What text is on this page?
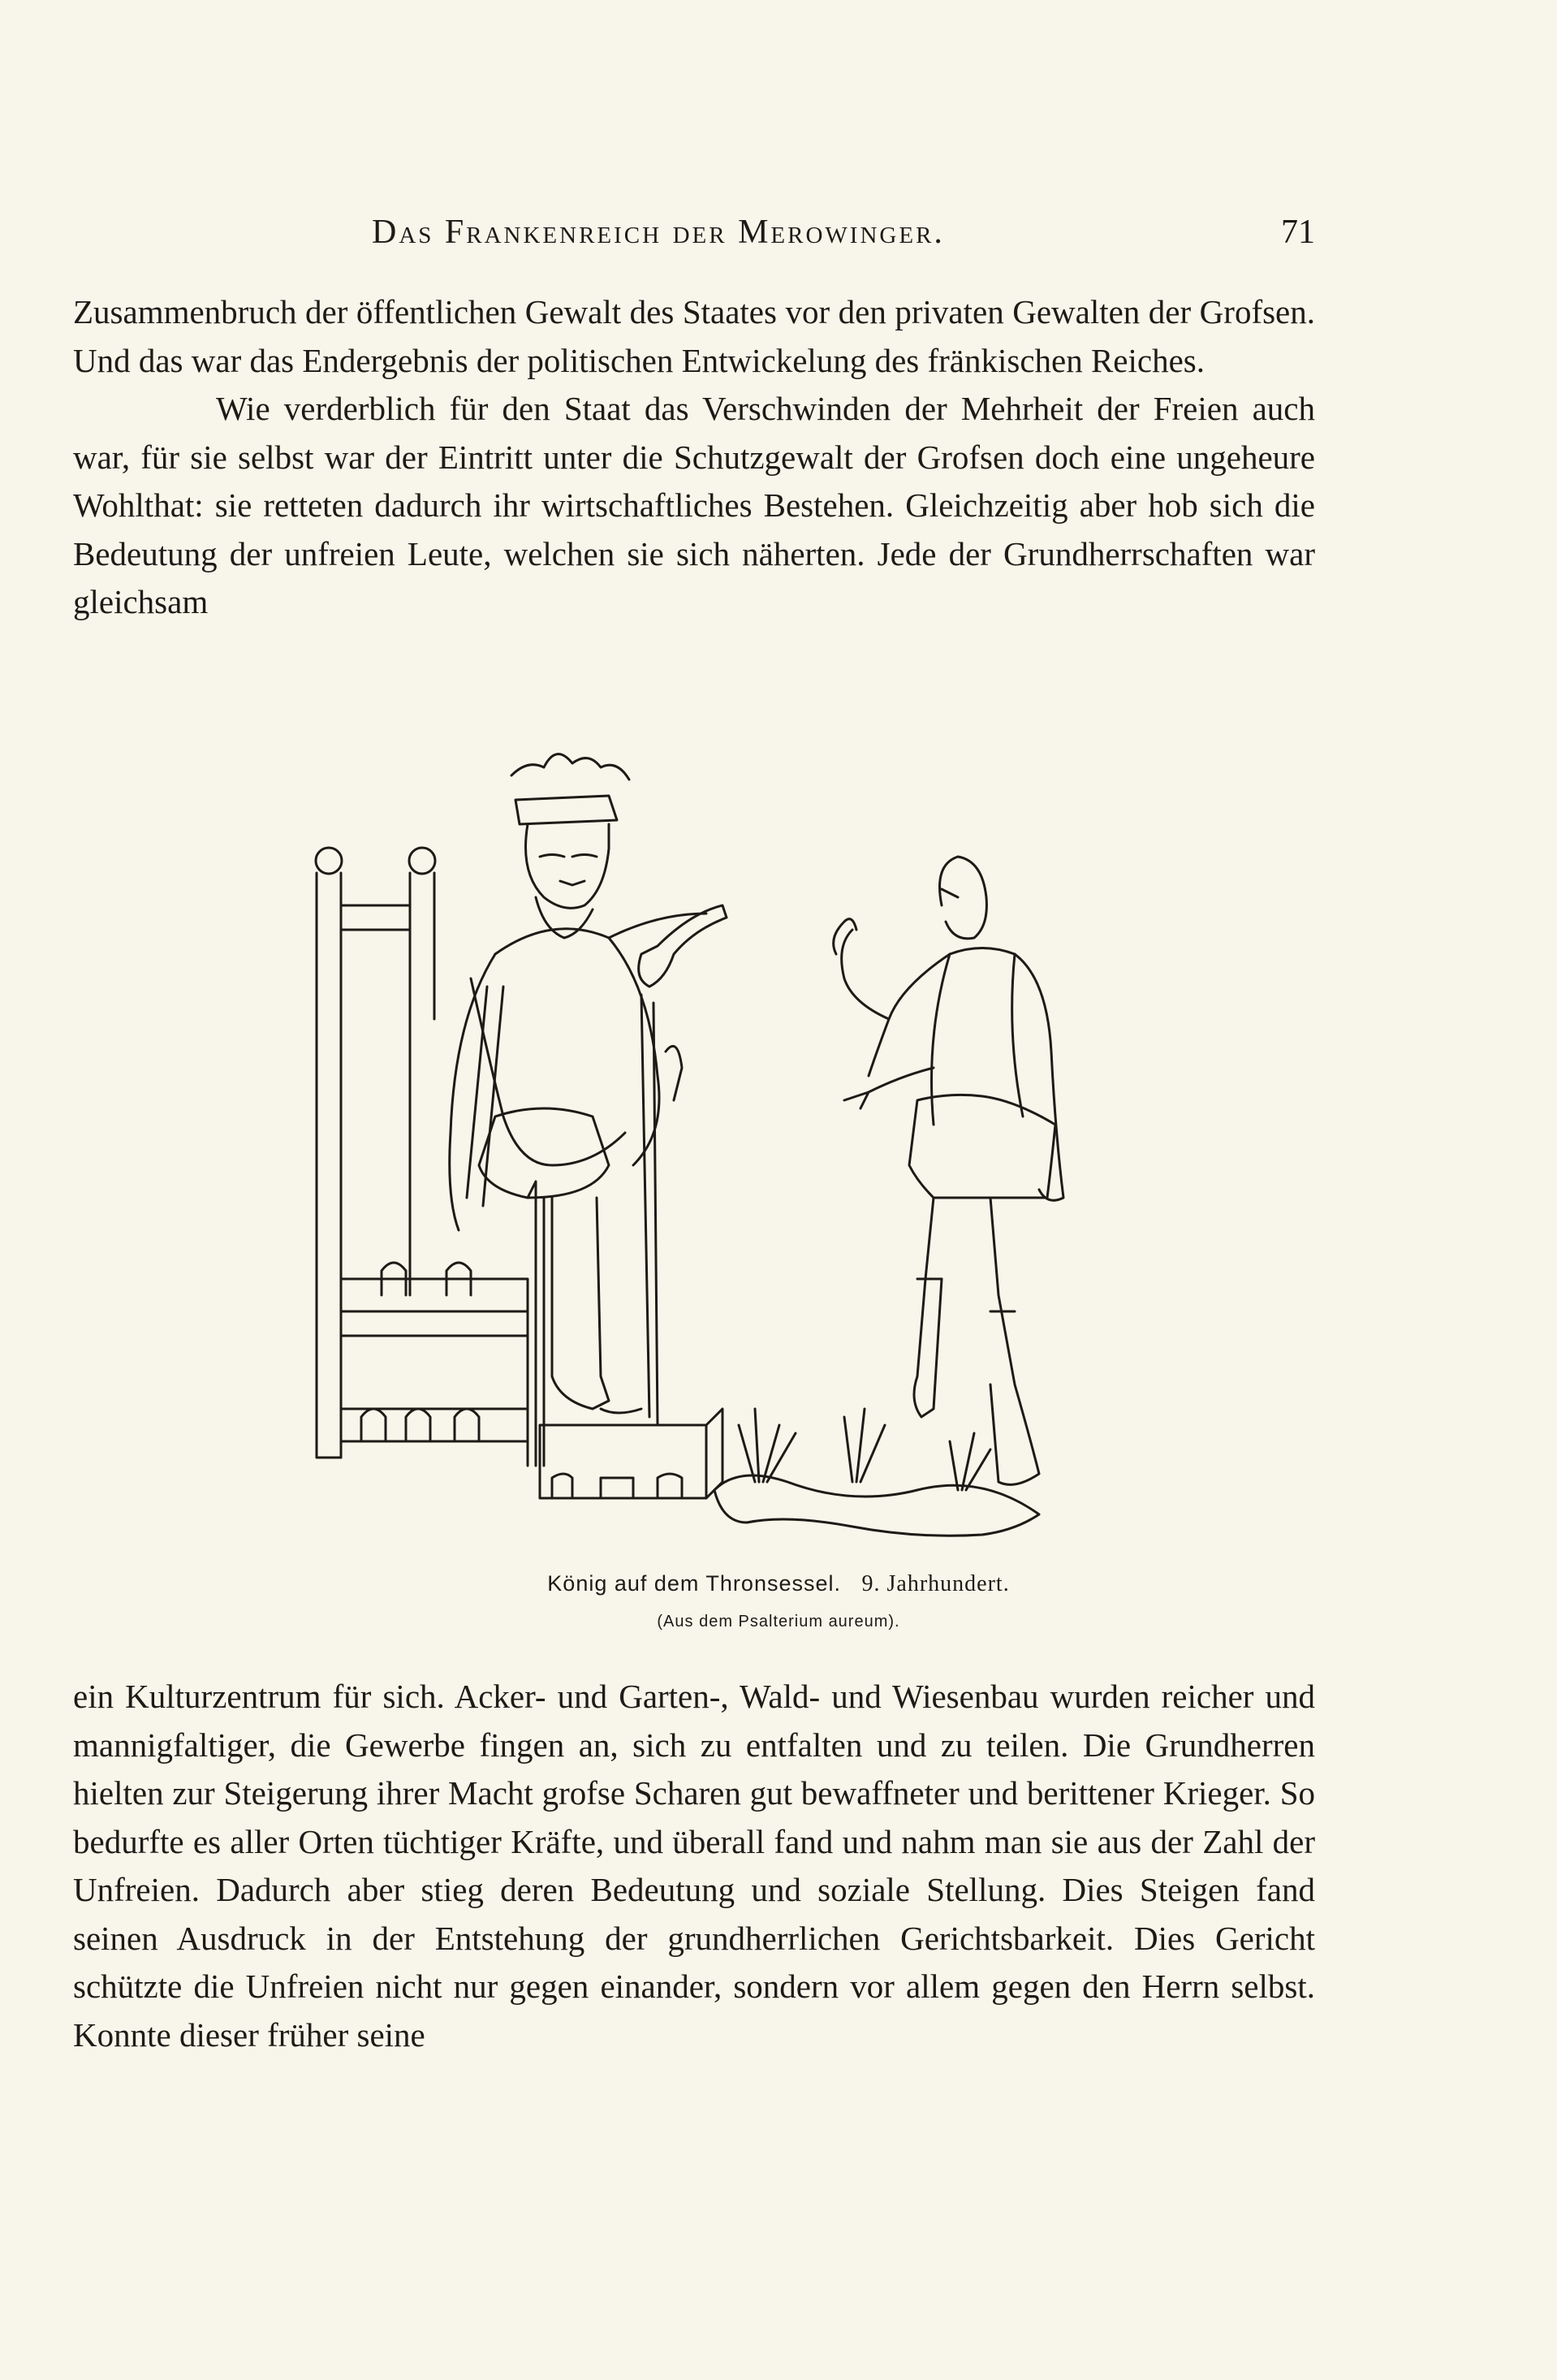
Das Frankenreich der Merowinger.	71

Zusammenbruch der öffentlichen Gewalt des Staates vor den privaten Gewalten der Grofsen. Und das war das Endergebnis der politischen Entwickelung des fränkischen Reiches.

Wie verderblich für den Staat das Verschwinden der Mehrheit der Freien auch war, für sie selbst war der Eintritt unter die Schutzgewalt der Grofsen doch eine ungeheure Wohlthat: sie retteten dadurch ihr wirtschaftliches Bestehen. Gleichzeitig aber hob sich die Bedeutung der unfreien Leute, welchen sie sich näherten. Jede der Grundherrschaften war gleichsam

König auf dem Thronsessel. 9. Jahrhundert.
(Aus dem Psalterium aureum).

ein Kulturzentrum für sich. Acker- und Garten-, Wald- und Wiesenbau wurden reicher und mannigfaltiger, die Gewerbe fingen an, sich zu entfalten und zu teilen. Die Grundherren hielten zur Steigerung ihrer Macht grofse Scharen gut bewaffneter und berittener Krieger. So bedurfte es aller Orten tüchtiger Kräfte, und überall fand und nahm man sie aus der Zahl der Unfreien. Dadurch aber stieg deren Bedeutung und soziale Stellung. Dies Steigen fand seinen Ausdruck in der Entstehung der grundherrlichen Gerichtsbarkeit. Dies Gericht schützte die Unfreien nicht nur gegen einander, sondern vor allem gegen den Herrn selbst. Konnte dieser früher seine
